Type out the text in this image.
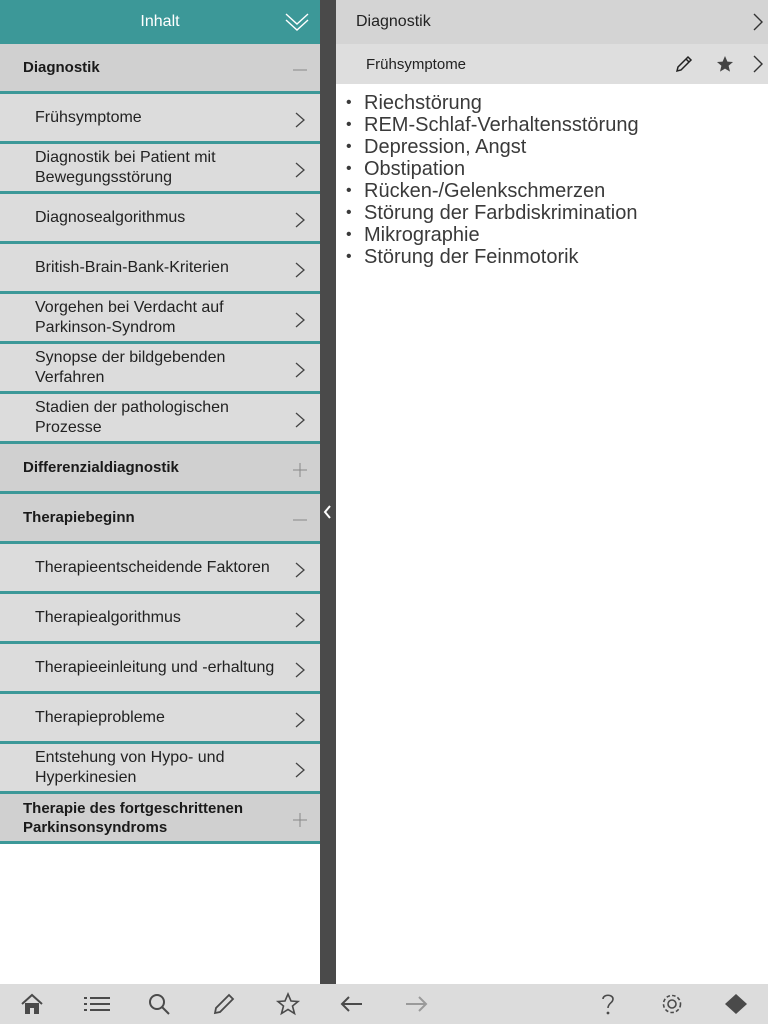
Inhalt
Diagnostik
Frühsymptome
Diagnostik bei Patient mit Bewegungsstörung
Diagnosealgorithmus
British-Brain-Bank-Kriterien
Vorgehen bei Verdacht auf Parkinson-Syndrom
Synopse der bildgebenden Verfahren
Stadien der pathologischen Prozesse
Differenzialdiagnostik
Therapiebeginn
Therapieentscheidende Faktoren
Therapiealgorithmus
Therapieeinleitung und -erhaltung
Therapieprobleme
Entstehung von Hypo- und Hyperkinesien
Therapie des fortgeschrittenen Parkinsonsyndroms
Diagnostik
Frühsymptome
• Riechstörung
• REM-Schlaf-Verhaltensstörung
• Depression, Angst
• Obstipation
• Rücken-/Gelenkschmerzen
• Störung der Farbdiskrimination
• Mikrographie
• Störung der Feinmotorik
